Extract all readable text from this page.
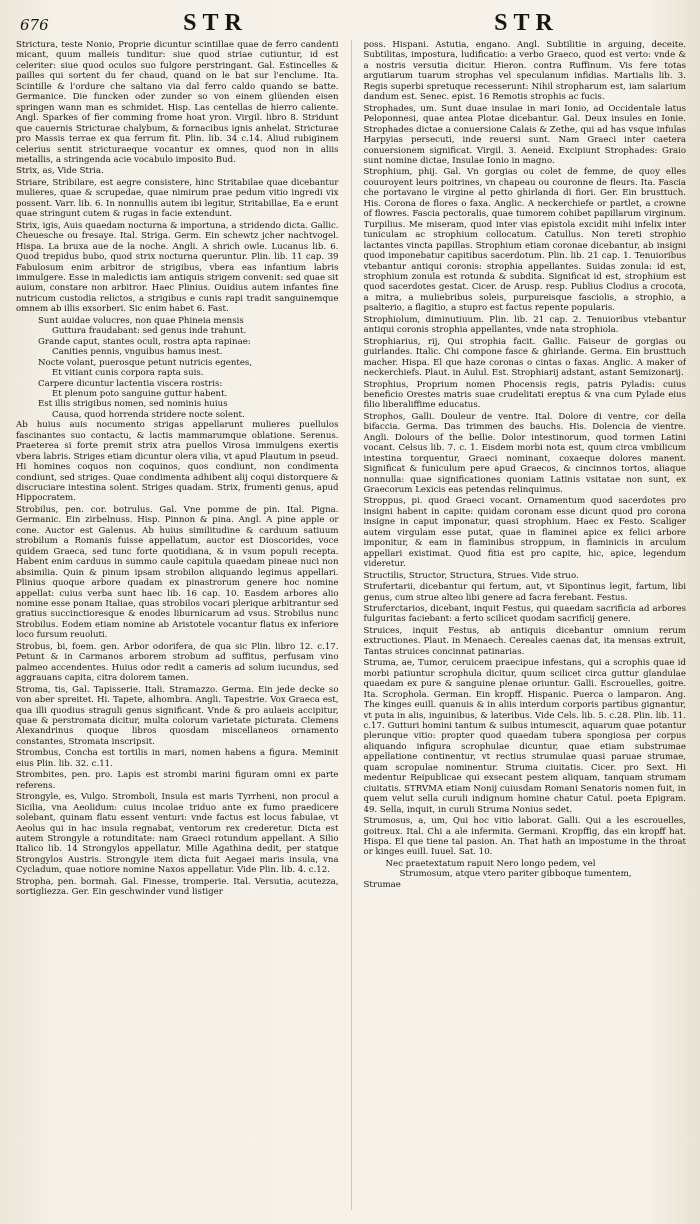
676	STR	STR

Strictura, teste Nonio, Proprie dicuntur scintillae quae de ferro candenti micant, quum malleis tunditur: siue quod striae cutiuntur, id est celeriter: siue quod oculos suo fulgore perstringant. Gal. Estincelles & pailles qui sortent du fer chaud, quand on le bat sur l'enclume. Ita. Scintille & l'ordure che saltano via dal ferro caldo quando se batte. Germanice. Die funcken oder zunder so von einem glüenden eisen springen wann man es schmidet. Hisp. Las centellas de hierro caliente. Angl. Sparkes of fier comming frome hoat yron. Virgil. libro 8. Stridunt que cauernis Stricturae chalybum, & fornacibus ignis anhelat. Stricturae pro Massis terrae ex qua ferrum fit. Plin. lib. 34 c.14. Aliud rubiginem celerius sentit stricturaeque vocantur ex omnes, quod non in aliis metallis, a stringenda acie vocabulo imposito Bud.

Strix, as, Vide Stria.

Striare, Stribilare, est aegre consistere, hinc Stritabilae quae dicebantur mulieres, quae & scrupedae, quae nimirum prae pedum vitio ingredi vix possent. Varr. lib. 6. In nonnullis autem ibi legitur, Stritabillae, Ea e erunt quae stringunt cutem & rugas in facie extendunt.

Strix, igis, Auis quaedam nocturna & importuna, a stridendo dicta. Gallic. Cheuesche ou fresaye. Ital. Striga. Germ. Ein schewtz jcher nachtvogel. Hispa. La bruxa aue de la noche. Angli. A shrich owle. Lucanus lib. 6. Quod trepidus bubo, quod strix nocturna queruntur. Plin. lib. 11 cap. 39 Fabulosum enim arbitror de strigibus, vbera eas infantium labris immulgere. Esse in maledictis iam antiquis strigem convenit: sed quae sit auium, constare non arbitror. Haec Plinius. Ouidius autem infantes fine nutricum custodia relictos, a strigibus e cunis rapi tradit sanguinemque omnem ab illis exsorberi. Sic enim habet 6. Fast.

Sunt auidae volucres, non quae Phineia mensis

Guttura fraudabant: sed genus inde trahunt.

Grande caput, stantes oculi, rostra apta rapinae:

Canities pennis, vnguibus hamus inest.

Nocte volant, puerosque petunt nutricis egentes,

Et vitiant cunis corpora rapta suis.

Carpere dicuntur lactentia viscera rostris:

Et plenum poto sanguine guttur habent.

Est illis strigibus nomen, sed nominis huius

Causa, quod horrenda stridere nocte solent.

Ab huius auis nocumento strigas appellarunt mulieres puellulos fascinantes suo contactu, & lactis mammarumque oblatione. Serenus. Praeterea si forte premit strix atra puellos Virosa immulgens exertis vbera labris. Striges etiam dicuntur olera vilia, vt apud Plautum in pseud. Hi homines coquos non coquinos, quos condiunt, non condimenta condiunt, sed striges. Quae condimenta adhibent alij coqui distorquere & discruciare intestina solent. Striges quadam. Strix, frumenti genus, apud Hippocratem.

Strobilus, pen. cor. botrulus. Gal. Vne pomme de pin. Ital. Pigna. Germanic. Ein zirbelnuss. Hisp. Pinnon & pina. Angl. A pine apple or cone. Auctor est Galenus. Ab huius similitudine & carduum satiuum strobilum a Romanis fuisse appellatum, auctor est Dioscorides, voce quidem Graeca, sed tunc forte quotidiana, & in vsum populi recepta. Habent enim carduus in summo caule capitula quaedam pineae nuci non absimilia. Quin & pinum ipsam strobilon aliquando legimus appellari. Plinius quoque arbore quadam ex pinastrorum genere hoc nomine appellat: cuius verba sunt haec lib. 16 cap. 10. Easdem arbores alio nomine esse ponam Italiae, quas strobilos vocari plerique arbitrantur sed gratius succinctioresque & enodes liburnicarum ad vsus. Strobilus nunc Strobilus. Eodem etiam nomine ab Aristotele vocantur flatus ex inferiore loco fursum reuoluti.

Strobus, bi, foem. gen. Arbor odorifera, de qua sic Plin. libro 12. c.17. Petunt & in Carmanos arborem strobum ad suffitus, perfusam vino palmeo accendentes. Huius odor redit a cameris ad solum iucundus, sed aggrauans capita, citra dolorem tamen.

Stroma, tis, Gal. Tapisserie. Itali. Stramazzo. Germa. Ein jede decke so von aber spreitet. Hi. Tapete, alhombra. Angli. Tapestrie. Vox Graeca est, qua illi quodius straguli genus significant. Vnde & pro aulaeis accipitur, quae & perstromata dicitur, multa colorum varietate picturata. Clemens Alexandrinus quoque libros quosdam miscellaneos ornamento constantes, Stromata inscripsit.

Strombus, Concha est tortilis in mari, nomen habens a figura. Meminit eius Plin. lib. 32. c.11.

Strombites, pen. pro. Lapis est strombi marini figuram omni ex parte referens.

Strongyle, es, Vulgo. Stromboli, Insula est maris Tyrrheni, non procul a Sicilia, vna Aeolidum: cuius incolae triduo ante ex fumo praedicere solebant, quinam flatu essent venturi: vnde factus est locus fabulae, vt Aeolus qui in hac insula regnabat, ventorum rex crederetur. Dicta est autem Strongyle a rotunditate: nam Graeci rotundum appellant. A Silio Italico lib. 14 Strongylos appellatur. Mille Agathina dedit, per statque Strongylos Austris. Strongyle item dicta fuit Aegaei maris insula, vna Cycladum, quae notiore nomine Naxos appellatur. Vide Plin. lib. 4. c.12.

Stropha, pen. bormah. Gal. Finesse, tromperie. Ital. Versutia, acutezza, sortigliezza. Ger. Ein geschwinder vund listiger

poss. Hispani. Astutia, engano. Angl. Subtilitie in arguing, deceite. Subtilitas, impostura, ludificatio: a verbo Graeco, quod est verto: vnde & a nostris versutia dicitur. Hieron. contra Ruffinum. Vis fere totas argutiarum tuarum strophas vel speculanum infidias. Martialis lib. 3. Regis superbi spretuque recesserunt: Nihil stropharum est, iam salarium dandum est. Senec. epist. 16 Remotis strophis ac fucis.

Strophades, um. Sunt duae insulae in mari Ionio, ad Occidentale latus Peloponnesi, quae antea Plotae dicebantur. Gal. Deux insules en Ionie. Strophades dictae a conuersione Calais & Zethe, qui ad has vsque infulas Harpyias persecuti, inde reuersi sunt. Nam Graeci inter caetera conuersionem significat. Virgil. 3. Aeneid. Excipiunt Strophades: Graio sunt nomine dictae, Insulae Ionio in magno.

Strophium, phij. Gal. Vn gorgias ou colet de femme, de quoy elles couuroyent leurs poitrines, vn chapeau ou couronne de fleurs. Ita. Fascia che portavano le virgine al petto ghirlanda di fiori. Ger. Ein brusttuch. His. Corona de flores o faxa. Anglic. A neckerchiefe or partlet, a crowne of flowres. Fascia pectoralis, quae tumorem cohibet papillarum virginum. Turpilius. Me miseram, quod inter vias epistola excidit mihi infelix inter tuniculam ac strophium collocatum. Catullus. Non tereti strophio lactantes vincta papillas. Strophium etiam coronae dicebantur, ab insigni quod imponebatur capitibus sacerdotum. Plin. lib. 21 cap. 1. Tenuioribus vtebantur antiqui coronis: strophia appellantes. Suidas zonula: id est, strophium zonula est rotunda & subdita. Significat id est, strophium est quod sacerdotes gestat. Cicer. de Arusp. resp. Publius Clodius a crocota, a mitra, a muliebribus soleis, purpureisque fasciolis, a strophio, a psalterio, a flagitio, a stupro est factus repente popularis.

Strophiolum, diminutiuum. Plin. lib. 21 cap. 2. Tenuioribus vtebantur antiqui coronis strophia appellantes, vnde nata strophiola.

Strophiarius, rij, Qui strophia facit. Gallic. Faiseur de gorgias ou guirlandes. Italic. Chi compone fasce & ghirlande. Germa. Ein brusttuch macher. Hispa. El que haze coronas o cintas o faxas. Anglic. A maker of neckerchiefs. Plaut. in Aulul. Est. Strophiarij adstant, astant Semizonarij.

Strophius, Proprium nomen Phocensis regis, patris Pyladis: cuius beneficio Orestes matris suae crudelitati ereptus & vna cum Pylade eius filio liberaliffime educatus.

Strophos, Galli. Douleur de ventre. Ital. Dolore di ventre, cor della bifaccia. Germa. Das trimmen des bauchs. His. Dolencia de vientre. Angli. Dolours of the bellie. Dolor intestinorum, quod tormen Latini vocant. Celsus lib. 7. c. 1. Eisdem morbi nota est, quum circa vmbilicum intestina torquentur, Graeci nominant, coxaeque dolores manent. Significat & funiculum pere apud Graecos, & cincinnos tortos, aliaque nonnulla: quae significationes quoniam Latinis vsitatae non sunt, ex Graecorum Lexicis eas petendas relinquimus.

Stroppus, pi. quod Graeci vocant. Ornamentum quod sacerdotes pro insigni habent in capite: quidam coronam esse dicunt quod pro corona insigne in caput imponatur, quasi strophium. Haec ex Festo. Scaliger autem virgulam esse putat, quae in flaminei apice ex felici arbore imponitur, & eam in flaminibus stroppum, in flaminicis in arculum appellari existimat. Quod fitia est pro capite, hic, apice, legendum videretur.

Structilis, Structor, Structura, Strues. Vide struo.

Strufertarii, dicebantur qui fertum, aut, vt Sipontinus legit, fartum, libi genus, cum strue alteo libi genere ad facra ferebant. Festus.

Struferctarios, dicebant, inquit Festus, qui quaedam sacrificia ad arbores fulguritas faciebant: a ferto scilicet quodam sacrificij genere.

Struices, inquit Festus, ab antiquis dicebantur omnium rerum extructiones. Plaut. in Menaech. Cereales caenas dat, ita mensas extruit, Tantas struices concinnat patinarias.

Struma, ae, Tumor, ceruicem praecipue infestans, qui a scrophis quae id morbi patiuntur scrophula dicitur, quum scilicet circa guttur glandulae quaedam ex pure & sanguine plenae oriuntur. Galli. Escrouelles, goitre. Ita. Scrophola. German. Ein kropff. Hispanic. Puerca o lamparon. Ang. The kinges euill. quanuis & in aliis interdum corporis partibus gignantur, vt puta in alis, inguinibus, & lateribus. Vide Cels. lib. 5. c.28. Plin. lib. 11. c.17. Gutturi homini tantum & suibus intumescit, aquarum quae potantur plerunque vitio: propter quod quaedam tubera spongiosa per corpus aliquando infigura scrophulae dicuntur, quae etiam substrumae appellatione continentur, vt rectius strumulae quasi paruae strumae, quam scropulae nominentur. Struma ciuitatis. Cicer. pro Sext. Hi medentur Reipublicae qui exsecant pestem aliquam, tanquam strumam ciuitatis. STRVMA etiam Nonij cuiusdam Romani Senatoris nomen fuit, in quem velut sella curuli indignum homine chatur Catul. poeta Epigram. 49. Sella, inquit, in curuli Struma Nonius sedet.

Strumosus, a, um, Qui hoc vitio laborat. Galli. Qui a les escrouelles, goitreux. Ital. Chi a ale infermita. Germani. Kropffig, das ein kropff hat. Hispa. El que tiene tal pasion. An. That hath an impostume in the throat or kinges euill. Iuuel. Sat. 10.

Nec praetextatum rapuit Nero longo pedem, vel

Strumosum, atque vtero pariter gibboque tumentem,

Strumae
